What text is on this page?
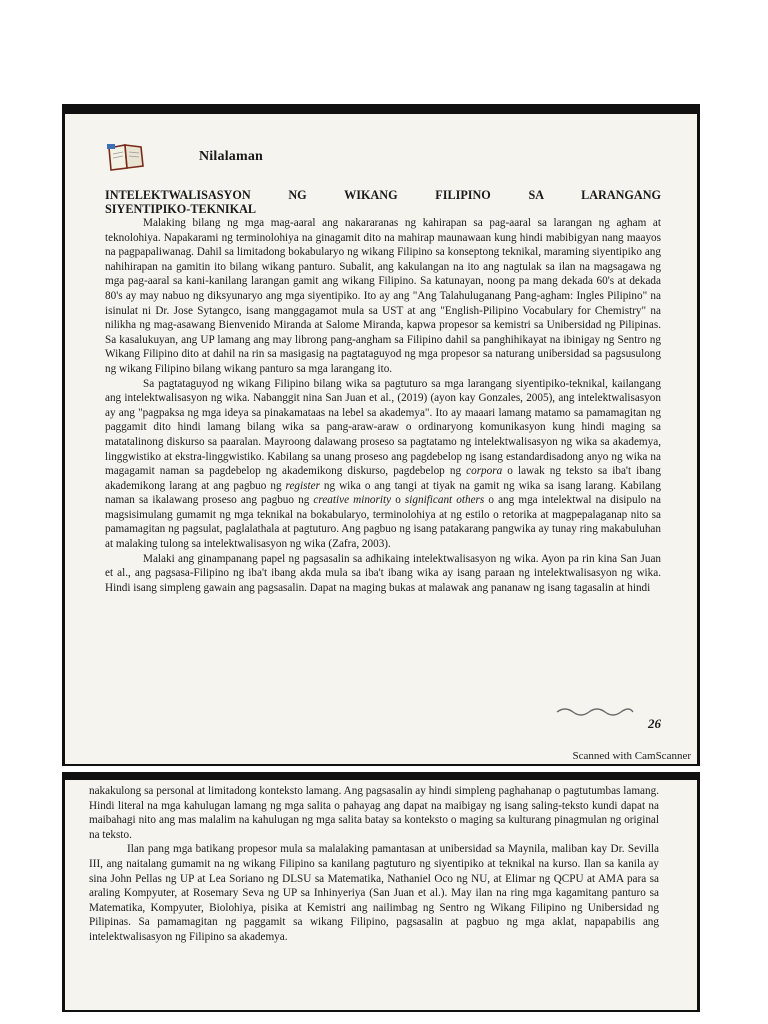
Nilalaman
INTELEKTWALISASYON NG WIKANG FILIPINO SA LARANGANG
SIYENTIPIKO-TEKNIKAL

Malaking bilang ng mga mag-aaral ang nakararanas ng kahirapan sa pag-aaral sa larangan ng agham at teknolohiya. Napakarami ng terminolohiya na ginagamit dito na mahirap maunawaan kung hindi mabibigyan nang maayos na pagpapaliwanag. Dahil sa limitadong bokabularyo ng wikang Filipino sa konseptong teknikal, maraming siyentipiko ang nahihirapan na gamitin ito bilang wikang panturo. Subalit, ang kakulangan na ito ang nagtulak sa ilan na magsagawa ng mga pag-aaral sa kani-kanilang larangan gamit ang wikang Filipino. Sa katunayan, noong pa mang dekada 60's at dekada 80's ay may nabuo ng diksyunaryo ang mga siyentipiko. Ito ay ang "Ang Talahuluganang Pang-agham: Ingles Pilipino" na isinulat ni Dr. Jose Sytangco, isang manggagamot mula sa UST at ang "English-Pilipino Vocabulary for Chemistry" na nilikha ng mag-asawang Bienvenido Miranda at Salome Miranda, kapwa propesor sa kemistri sa Unibersidad ng Pilipinas. Sa kasalukuyan, ang UP lamang ang may librong pang-angham sa Filipino dahil sa panghihikayat na ibinigay ng Sentro ng Wikang Filipino dito at dahil na rin sa masigasig na pagtataguyod ng mga propesor sa naturang unibersidad sa pagsusulong ng wikang Filipino bilang wikang panturo sa mga larangang ito.

Sa pagtataguyod ng wikang Filipino bilang wika sa pagtuturo sa mga larangang siyentipiko-teknikal, kailangang ang intelektwalisasyon ng wika. Nabanggit nina San Juan et al., (2019) (ayon kay Gonzales, 2005), ang intelektwalisasyon ay ang "pagpaksa ng mga ideya sa pinakamataas na lebel sa akademya". Ito ay maaari lamang matamo sa pamamagitan ng paggamit dito hindi lamang bilang wika sa pang-araw-araw o ordinaryong komunikasyon kung hindi maging sa matatalinong diskurso sa paaralan. Mayroong dalawang proseso sa pagtatamo ng intelektwalisasyon ng wika sa akademya, linggwistiko at ekstra-linggwistiko. Kabilang sa unang proseso ang pagdebelop ng isang estandardisadong anyo ng wika na magagamit naman sa pagdebelop ng akademikong diskurso, pagdebelop ng corpora o lawak ng teksto sa iba't ibang akademikong larang at ang pagbuo ng register ng wika o ang tangi at tiyak na gamit ng wika sa isang larang. Kabilang naman sa ikalawang proseso ang pagbuo ng creative minority o significant others o ang mga intelektwal na disipulo na magsisimulang gumamit ng mga teknikal na bokabularyo, terminolohiya at ng estilo o retorika at magpepalaganap nito sa pamamagitan ng pagsulat, paglalathala at pagtuturo. Ang pagbuo ng isang patakarang pangwika ay tunay ring makabuluhan at malaking tulong sa intelektwalisasyon ng wika (Zafra, 2003).

Malaki ang ginampanang papel ng pagsasalin sa adhikaing intelektwalisasyon ng wika. Ayon pa rin kina San Juan et al., ang pagsasa-Filipino ng iba't ibang akda mula sa iba't ibang wika ay isang paraan ng intelektwalisasyon ng wika. Hindi isang simpleng gawain ang pagsasalin. Dapat na maging bukas at malawak ang pananaw ng isang tagasalin at hindi

26
Scanned with CamScanner

nakakulong sa personal at limitadong konteksto lamang. Ang pagsasalin ay hindi simpleng paghahanap o pagtutumbas lamang. Hindi literal na mga kahulugan lamang ng mga salita o pahayag ang dapat na maibigay ng isang saling-teksto kundi dapat na maibahagi nito ang mas malalim na kahulugan ng mga salita batay sa konteksto o maging sa kulturang pinagmulan ng original na teksto.

Ilan pang mga batikang propesor mula sa malalaking pamantasan at unibersidad sa Maynila, maliban kay Dr. Sevilla III, ang naitalang gumamit na ng wikang Filipino sa kanilang pagtuturo ng siyentipiko at teknikal na kurso. Ilan sa kanila ay sina John Pellas ng UP at Lea Soriano ng DLSU sa Matematika, Nathaniel Oco ng NU, at Elimar ng QCPU at AMA para sa araling Kompyuter, at Rosemary Seva ng UP sa Inhinyeriya (San Juan et al.). May ilan na ring mga kagamitang panturo sa Matematika, Kompyuter, Biolohiya, pisika at Kemistri ang nailimbag ng Sentro ng Wikang Filipino ng Unibersidad ng Pilipinas. Sa pamamagitan ng paggamit sa wikang Filipino, pagsasalin at pagbuo ng mga aklat, napapabilis ang intelektwalisasyon ng Filipino sa akademya.
